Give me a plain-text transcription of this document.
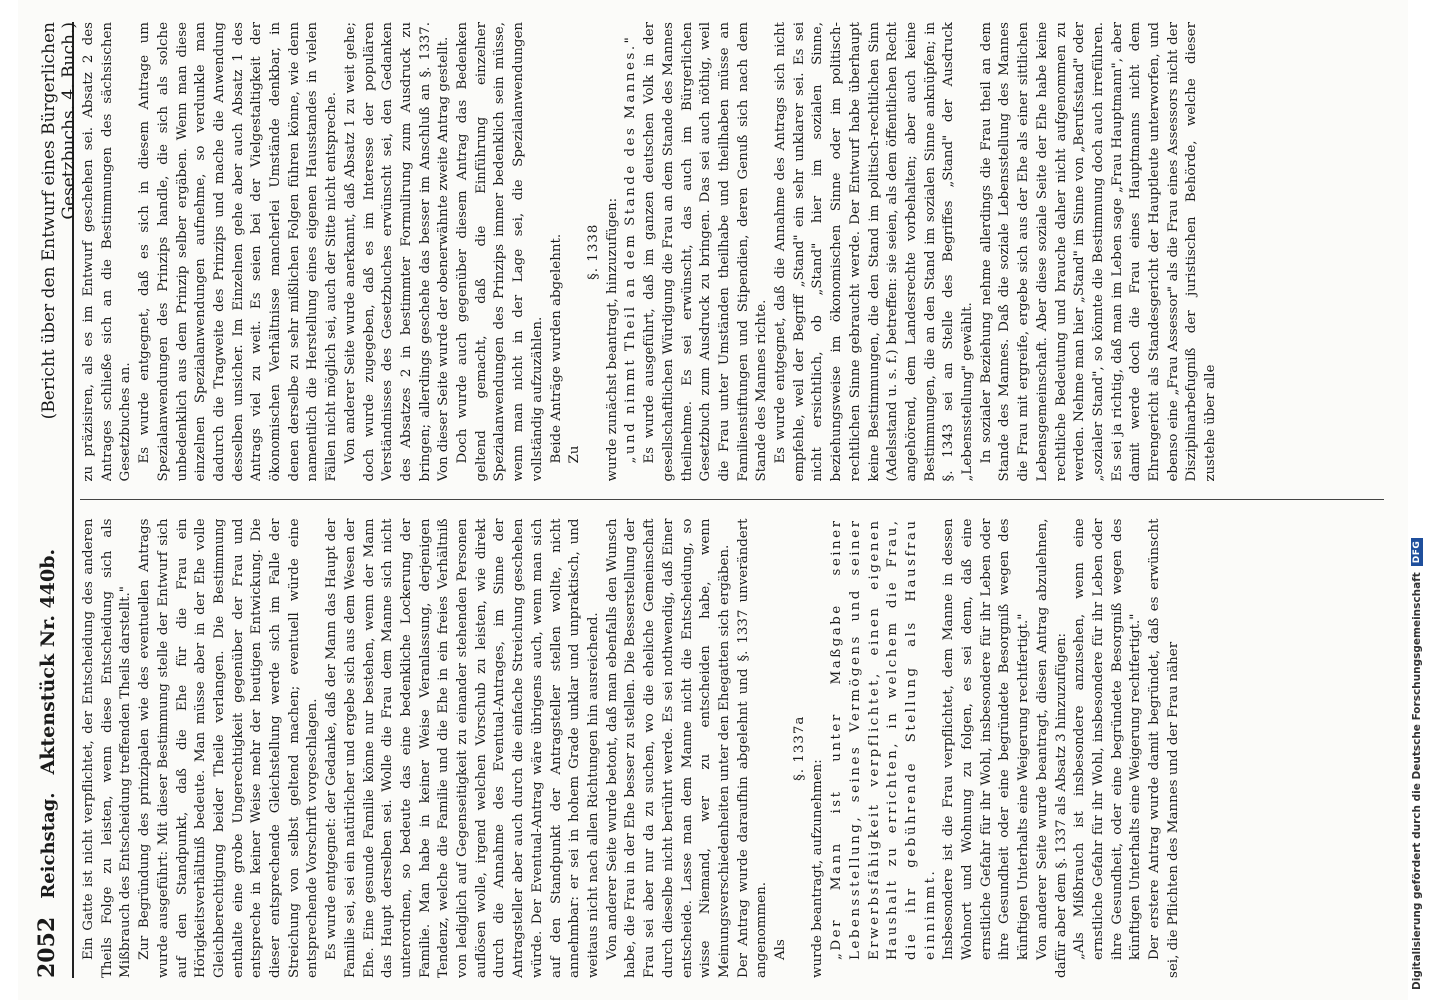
2052
Reichstag.
Aktenstück Nr. 440b.
(Bericht über den Entwurf eines Bürgerlichen Gesetzbuchs. 4. Buch.)

Ein Gatte ist nicht verpflichtet, der Entscheidung des anderen Theils Folge zu leisten, wenn diese Entscheidung sich als Mißbrauch des Entscheidung treffenden Theils darstellt." Zur Begründung des prinzipalen wie des eventuellen Antrags wurde ausgeführt: Mit dieser Bestimmung stelle der Entwurf sich auf den Standpunkt, daß die Ehe für die Frau ein Hörigkeitsverhältniß bedeute. Man müsse aber in der Ehe volle Gleichberechtigung beider Theile verlangen. Die Bestimmung enthalte eine grobe Ungerechtigkeit gegenüber der Frau und entspreche in keiner Weise mehr der heutigen Entwickung. Die dieser entsprechende Gleichstellung werde sich im Falle der Streichung von selbst geltend machen; eventuell würde eine entsprechende Vorschrift vorgeschlagen. Es wurde entgegnet: der Gedanke, daß der Mann das Haupt der Familie sei, sei ein natürlicher und ergebe sich aus dem Wesen der Ehe. Eine gesunde Familie könne nur bestehen, wenn der Mann das Haupt derselben sei. Wolle die Frau dem Manne sich nicht unterordnen, so bedeute das eine bedenkliche Lockerung der Familie. Man habe in keiner Weise Veranlassung, derjenigen Tendenz, welche die Familie und die Ehe in ein freies Verhältniß von lediglich auf Gegenseitigkeit zu einander stehenden Personen auflösen wolle, irgend welchen Vorschub zu leisten, wie direkt durch die Annahme des Eventual-Antrages, im Sinne der Antragsteller aber auch durch die einfache Streichung geschehen würde. Der Eventual-Antrag wäre übrigens auch, wenn man sich auf den Standpunkt der Antragsteller stellen wollte, nicht annehmbar: er sei in hohem Grade unklar und unpraktisch, und weitaus nicht nach allen Richtungen hin ausreichend. Von anderer Seite wurde betont, daß man ebenfalls den Wunsch habe, die Frau in der Ehe besser zu stellen. Die Besserstellung der Frau sei aber nur da zu suchen, wo die eheliche Gemeinschaft durch dieselbe nicht berührt werde. Es sei nothwendig, daß Einer entscheide. Lasse man dem Manne nicht die Entscheidung, so wisse Niemand, wer zu entscheiden habe, wenn Meinungsverschiedenheiten unter den Ehegatten sich ergäben. Der Antrag wurde daraufhin abgelehnt und §. 1337 unverändert angenommen. Als

§. 1337a

wurde beantragt, aufzunehmen: „Der Mann ist unter Maßgabe seiner Lebensstellung, seines Vermögens und seiner Erwerbsfähigkeit verpflichtet, einen eigenen Haushalt zu errichten, in welchem die Frau, die ihr gebührende Stellung als Hausfrau einnimmt. Insbesondere ist die Frau verpflichtet, dem Manne in dessen Wohnort und Wohnung zu folgen, es sei denn, daß eine ernstliche Gefahr für ihr Wohl, insbesondere für ihr Leben oder ihre Gesundheit oder eine begründete Besorgniß wegen des künftigen Unterhalts eine Weigerung rechtfertigt." Von anderer Seite wurde beantragt, diesen Antrag abzulehnen, dafür aber dem §. 1337 als Absatz 3 hinzuzufügen: „Als Mißbrauch ist insbesondere anzusehen, wenn eine ernstliche Gefahr für ihr Wohl, insbesondere für ihr Leben oder ihre Gesundheit, oder eine begründete Besorgniß wegen des künftigen Unterhalts eine Weigerung rechtfertigt." Der erstere Antrag wurde damit begründet, daß es erwünscht sei, die Pflichten des Mannes und der Frau näher

zu präzisiren, als es im Entwurf geschehen sei. Absatz 2 des Antrages schließe sich an die Bestimmungen des sächsischen Gesetzbuches an. Es wurde entgegnet, daß es sich in diesem Antrage um Spezialanwendungen des Prinzips handle, die sich als solche unbedenklich aus dem Prinzip selber ergäben. Wenn man diese einzelnen Spezialanwendungen aufnehme, so verdunkle man dadurch die Tragweite des Prinzips und mache die Anwendung desselben unsicher. Im Einzelnen gehe aber auch Absatz 1 des Antrags viel zu weit. Es seien bei der Vielgestaltigkeit der ökonomischen Verhältnisse mancherlei Umstände denkbar, in denen derselbe zu sehr mißlichen Folgen führen könne, wie denn namentlich die Herstellung eines eigenen Hausstandes in vielen Fällen nicht möglich sei, auch der Sitte nicht entspreche. Von anderer Seite wurde anerkannt, daß Absatz 1 zu weit gehe; doch wurde zugegeben, daß es im Interesse der populären Verständnisses des Gesetzbuches erwünscht sei, den Gedanken des Absatzes 2 in bestimmter Formulirung zum Ausdruck zu bringen; allerdings geschehe das besser im Anschluß an §. 1337. Von dieser Seite wurde der obenerwähnte zweite Antrag gestellt. Doch wurde auch gegenüber diesem Antrag das Bedenken geltend gemacht, daß die Einführung einzelner Spezialanwendungen des Prinzips immer bedenklich sein müsse, wenn man nicht in der Lage sei, die Spezialanwendungen vollständig aufzuzählen. Beide Anträge wurden abgelehnt. Zu

§. 1338 wurde zunächst beantragt, hinzuzufügen: „und nimmt Theil an dem Stande des Mannes." Es wurde ausgeführt, daß im ganzen deutschen Volk in der gesellschaftlichen Würdigung die Frau an dem Stande des Mannes theilnehme. Es sei erwünscht, das auch im Bürgerlichen Gesetzbuch zum Ausdruck zu bringen. Das sei auch nöthig, weil die Frau unter Umständen theilhabe und theilhaben müsse an Familienstiftungen und Stipendien, deren Genuß sich nach dem Stande des Mannes richte. Es wurde entgegnet, daß die Annahme des Antrags sich nicht empfehle, weil der Begriff „Stand" ein sehr unklarer sei. Es sei nicht ersichtlich, ob „Stand" hier im sozialen Sinne, beziehungsweise im ökonomischen Sinne oder im politisch-rechtlichen Sinne gebraucht werde. Der Entwurf habe überhaupt keine Bestimmungen, die den Stand im politisch-rechtlichen Sinn (Adelsstand u. s. f.) betreffen: sie seien, als dem öffentlichen Recht angehörend, dem Landesrechte vorbehalten; aber auch keine Bestimmungen, die an den Stand im sozialen Sinne anknüpfen; in §. 1343 sei an Stelle des Begriffes „Stand" der Ausdruck „Lebensstellung" gewählt. In sozialer Beziehung nehme allerdings die Frau theil an dem Stande des Mannes. Daß die soziale Lebensstellung des Mannes die Frau mit ergreife, ergebe sich aus der Ehe als einer sittlichen Lebensgemeinschaft. Aber diese soziale Seite der Ehe habe keine rechtliche Bedeutung und brauche daher nicht aufgenommen zu werden. Nehme man hier „Stand" im Sinne von „Berufsstand" oder „sozialer Stand", so könnte die Bestimmung doch auch irreführen. Es sei ja richtig, daß man im Leben sage „Frau Hauptmann", aber damit werde doch die Frau eines Hauptmanns nicht dem Ehrengericht als Standesgericht der Hauptleute unterworfen, und ebenso eine „Frau Assessor" als die Frau eines Assessors nicht der Disziplinarbefugniß der juristischen Behörde, welche dieser zustehe über alle

Digitalisierung gefördert durch die Deutsche Forschungsgemeinschaft
DFG
